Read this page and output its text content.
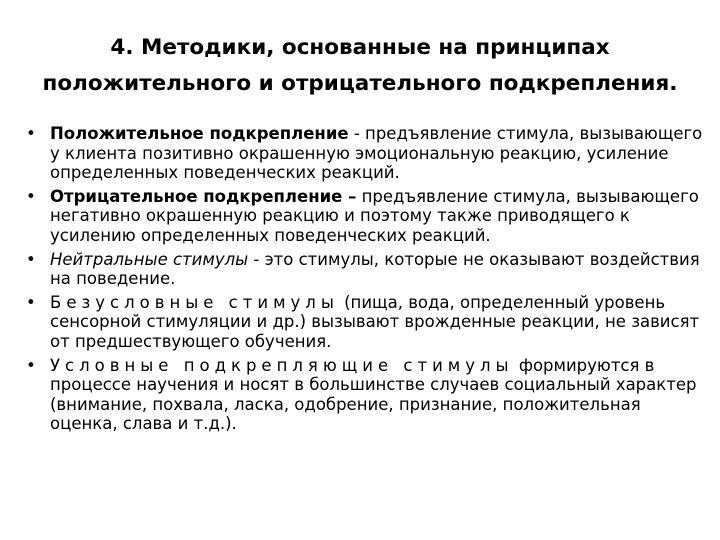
4. Методики, основанные на принципах
положительного и отрицательного подкрепления.
• Положительное подкрепление - предъявление стимула, вызывающего у клиента позитивно окрашенную эмоциональную реакцию, усиление определенных поведенческих реакций.
• Отрицательное подкрепление – предъявление стимула, вызывающего негативно окрашенную реакцию и поэтому также приводящего к усилению определенных поведенческих реакций.
• Нейтральные стимулы - это стимулы, которые не оказывают воздействия на поведение.
• Безусловные стимулы (пища, вода, определенный уровень сенсорной стимуляции и др.) вызывают врожденные реакции, не зависят от предшествующего обучения.
• Условные подкрепляющие стимулы формируются в процессе научения и носят в большинстве случаев социальный характер (внимание, похвала, ласка, одобрение, признание, положительная оценка, слава и т.д.).
